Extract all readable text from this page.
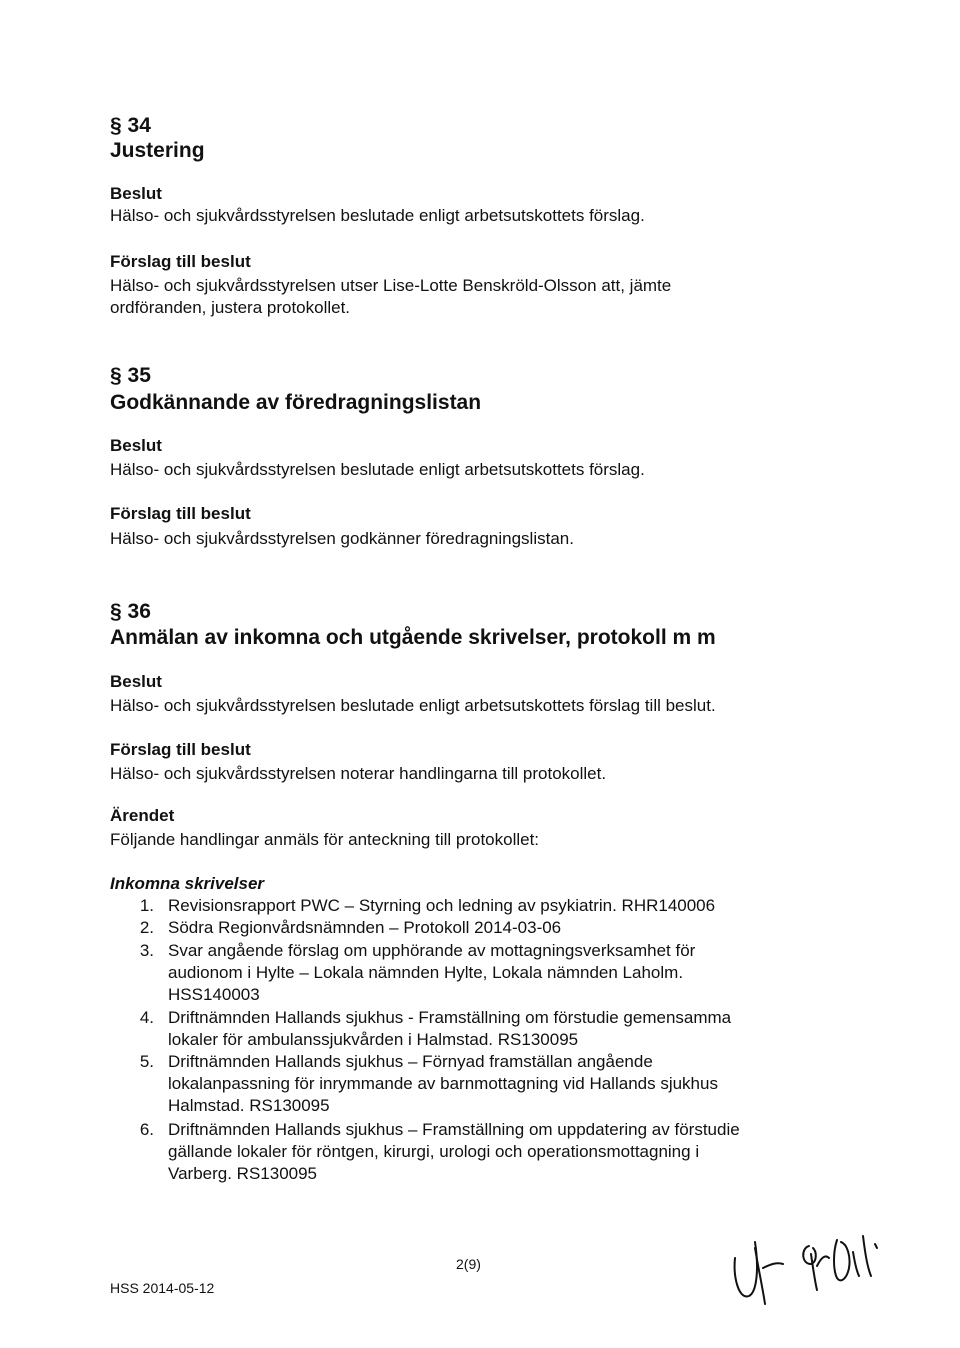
§ 34
Justering
Beslut
Hälso- och sjukvårdsstyrelsen beslutade enligt arbetsutskottets förslag.
Förslag till beslut
Hälso- och sjukvårdsstyrelsen utser Lise-Lotte Benskröld-Olsson att, jämte
ordföranden, justera protokollet.
§ 35
Godkännande av föredragningslistan
Beslut
Hälso- och sjukvårdsstyrelsen beslutade enligt arbetsutskottets förslag.
Förslag till beslut
Hälso- och sjukvårdsstyrelsen godkänner föredragningslistan.
§ 36
Anmälan av inkomna och utgående skrivelser, protokoll m m
Beslut
Hälso- och sjukvårdsstyrelsen beslutade enligt arbetsutskottets förslag till beslut.
Förslag till beslut
Hälso- och sjukvårdsstyrelsen noterar handlingarna till protokollet.
Ärendet
Följande handlingar anmäls för anteckning till protokollet:
Inkomna skrivelser
1. Revisionsrapport PWC – Styrning och ledning av psykiatrin. RHR140006
2. Södra Regionvårdsnämnden – Protokoll 2014-03-06
3. Svar angående förslag om upphörande av mottagningsverksamhet för
audionom i Hylte – Lokala nämnden Hylte, Lokala nämnden Laholm.
HSS140003
4. Driftnämnden Hallands sjukhus - Framställning om förstudie gemensamma
lokaler för ambulanssjukvården i Halmstad. RS130095
5. Driftnämnden Hallands sjukhus – Förnyad framställan angående
lokalanpassning för inrymmande av barnmottagning vid Hallands sjukhus
Halmstad. RS130095
6. Driftnämnden Hallands sjukhus – Framställning om uppdatering av förstudie
gällande lokaler för röntgen, kirurgi, urologi och operationsmottagning i
Varberg. RS130095
2(9)
HSS 2014-05-12
